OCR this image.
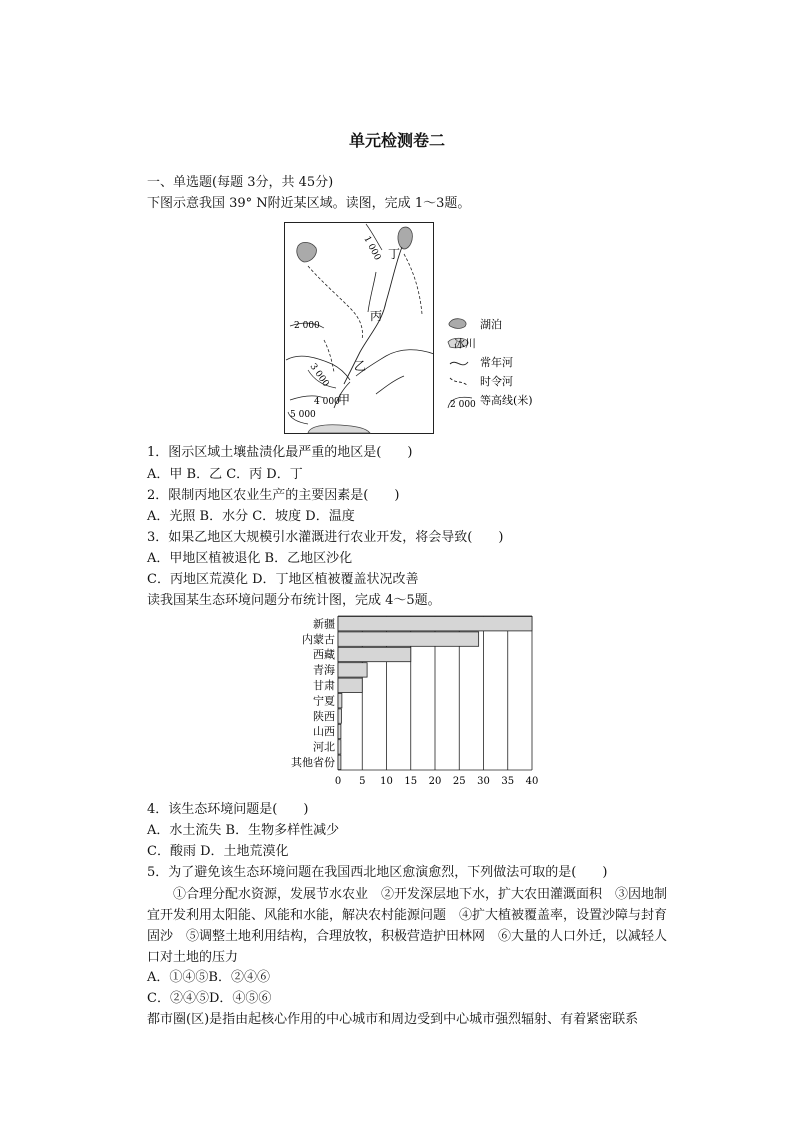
单元检测卷二
一、单选题(每题 3分，共 45分)
下图示意我国 39° N附近某区域。读图，完成 1～3题。
1 000
2 000
3 000
4 000
5 000
丁
丙
乙
甲
湖泊
冰川
常年河
时令河
2 000 等高线(米)
1．图示区域土壤盐渍化最严重的地区是(　　)
A．甲 B．乙 C．丙 D．丁
2．限制丙地区农业生产的主要因素是(　　)
A．光照 B．水分 C．坡度 D．温度
3．如果乙地区大规模引水灌溉进行农业开发，将会导致(　　)
A．甲地区植被退化 B．乙地区沙化
C．丙地区荒漠化 D．丁地区植被覆盖状况改善
读我国某生态环境问题分布统计图，完成 4～5题。
新疆
内蒙古
西藏
青海
甘肃
宁夏
陕西
山西
河北
其他省份
0 5 10 15 20 25 30 35 40
4．该生态环境问题是(　　)
A．水土流失 B．生物多样性减少
C．酸雨 D．土地荒漠化
5．为了避免该生态环境问题在我国西北地区愈演愈烈，下列做法可取的是(　　)
①合理分配水资源，发展节水农业　②开发深层地下水，扩大农田灌溉面积　③因地制宜开发利用太阳能、风能和水能，解决农村能源问题　④扩大植被覆盖率，设置沙障与封育固沙　⑤调整土地利用结构，合理放牧，积极营造护田林网　⑥大量的人口外迁，以减轻人口对土地的压力
A．①④⑤B．②④⑥
C．②④⑤D．④⑤⑥
都市圈(区)是指由起核心作用的中心城市和周边受到中心城市强烈辐射、有着紧密联系
